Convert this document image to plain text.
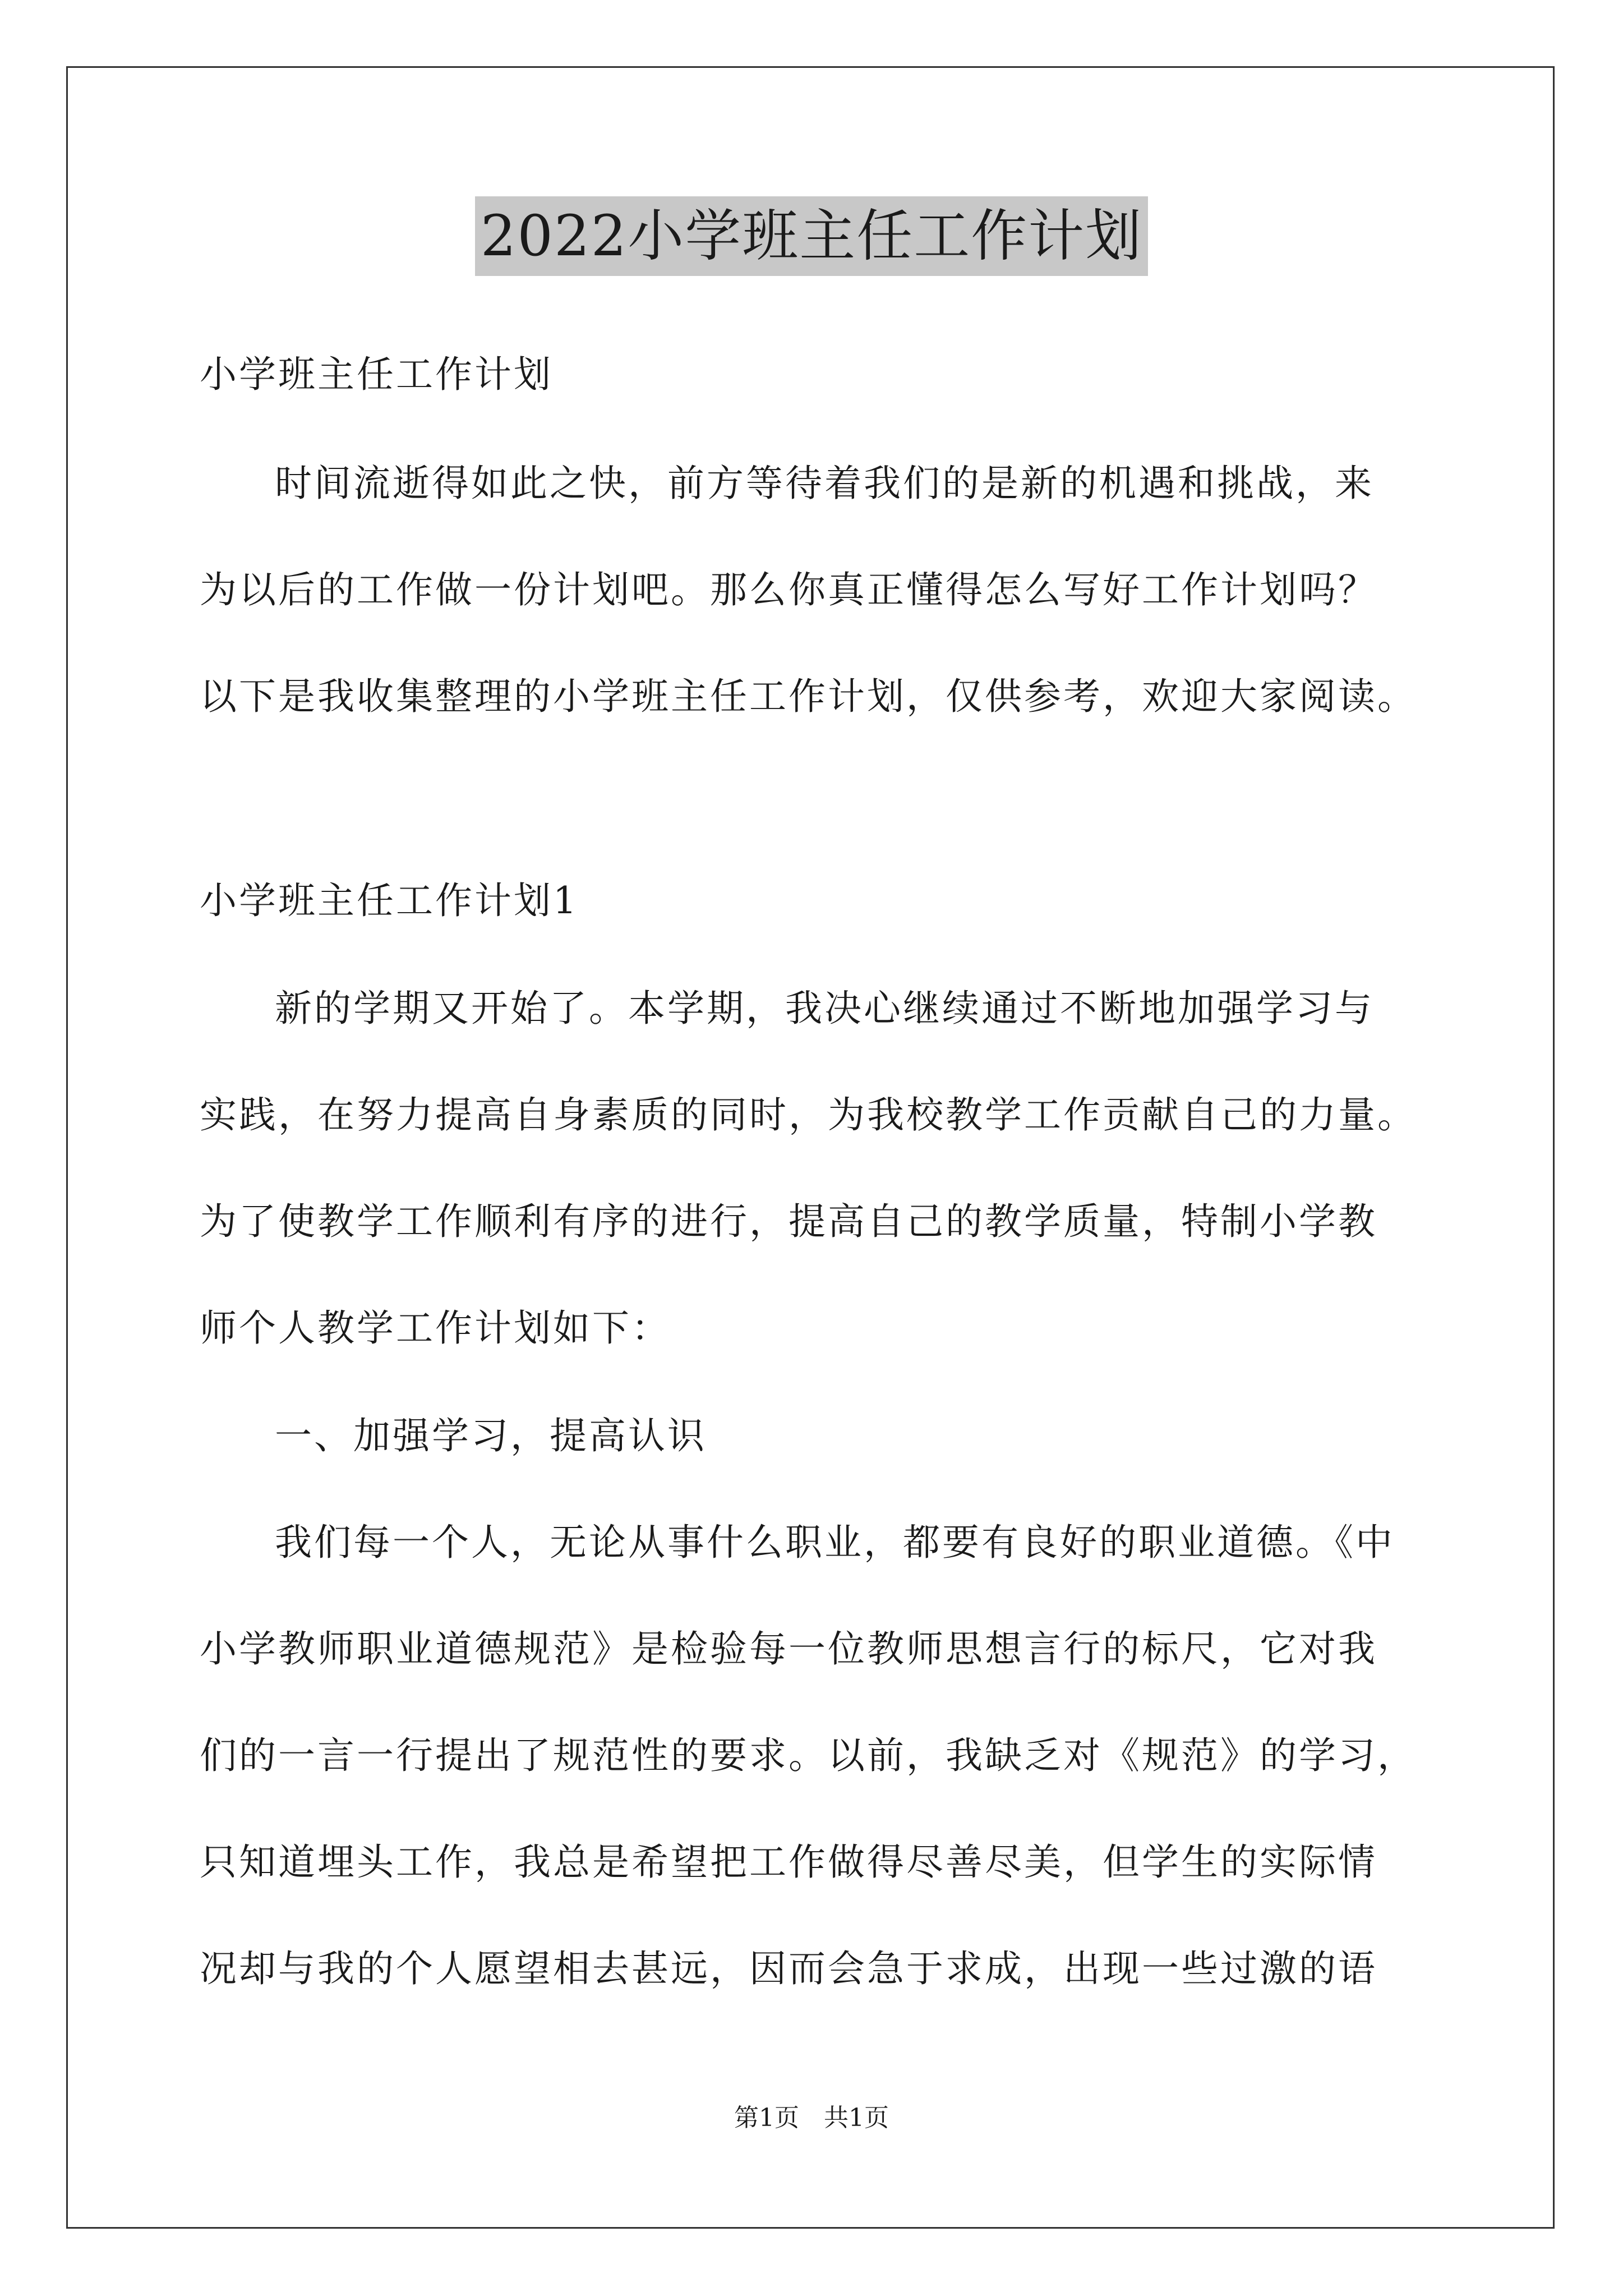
2022小学班主任工作计划
小学班主任工作计划
时间流逝得如此之快，前方等待着我们的是新的机遇和挑战，来
为以后的工作做一份计划吧。那么你真正懂得怎么写好工作计划吗？
以下是我收集整理的小学班主任工作计划，仅供参考，欢迎大家阅读。
小学班主任工作计划1
新的学期又开始了。本学期，我决心继续通过不断地加强学习与
实践，在努力提高自身素质的同时，为我校教学工作贡献自己的力量。
为了使教学工作顺利有序的进行，提高自己的教学质量，特制小学教
师个人教学工作计划如下：
一、加强学习，提高认识
我们每一个人，无论从事什么职业，都要有良好的职业道德。《中
小学教师职业道德规范》是检验每一位教师思想言行的标尺，它对我
们的一言一行提出了规范性的要求。以前，我缺乏对《规范》的学习，
只知道埋头工作，我总是希望把工作做得尽善尽美，但学生的实际情
况却与我的个人愿望相去甚远，因而会急于求成，出现一些过激的语
第1页　共1页
